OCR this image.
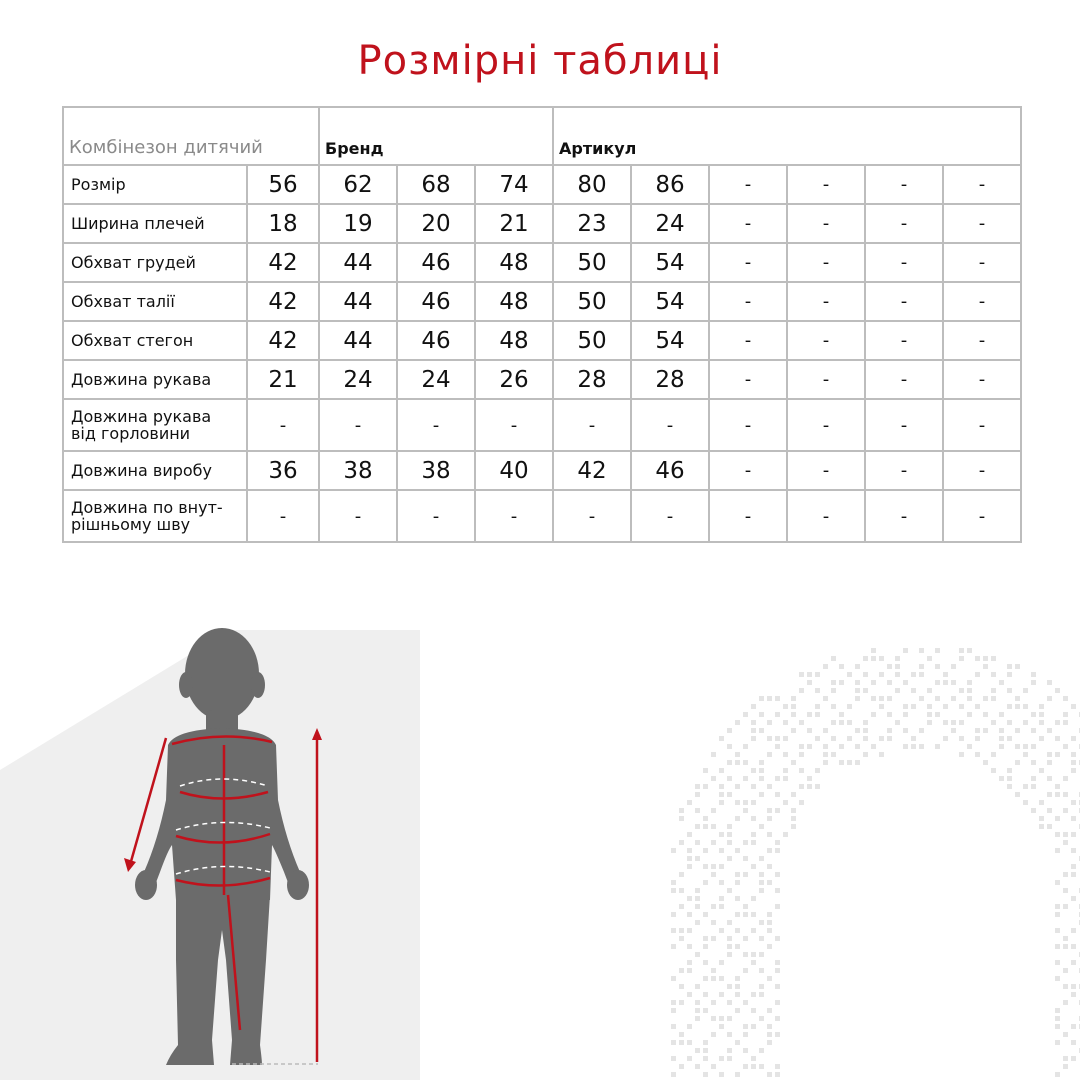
Розмірні таблиці
Комбінезон дитячий		Бренд			Артикул					
Розмір	56	62	68	74	80	86	-	-	-	-
Ширина плечей	18	19	20	21	23	24	-	-	-	-
Обхват грудей	42	44	46	48	50	54	-	-	-	-
Обхват талії	42	44	46	48	50	54	-	-	-	-
Обхват стегон	42	44	46	48	50	54	-	-	-	-
Довжина рукава	21	24	24	26	28	28	-	-	-	-
Довжина рукава
від горловини	-	-	-	-	-	-	-	-	-	-
Довжина виробу	36	38	38	40	42	46	-	-	-	-
Довжина по внут-
рішньому шву	-	-	-	-	-	-	-	-	-	-
